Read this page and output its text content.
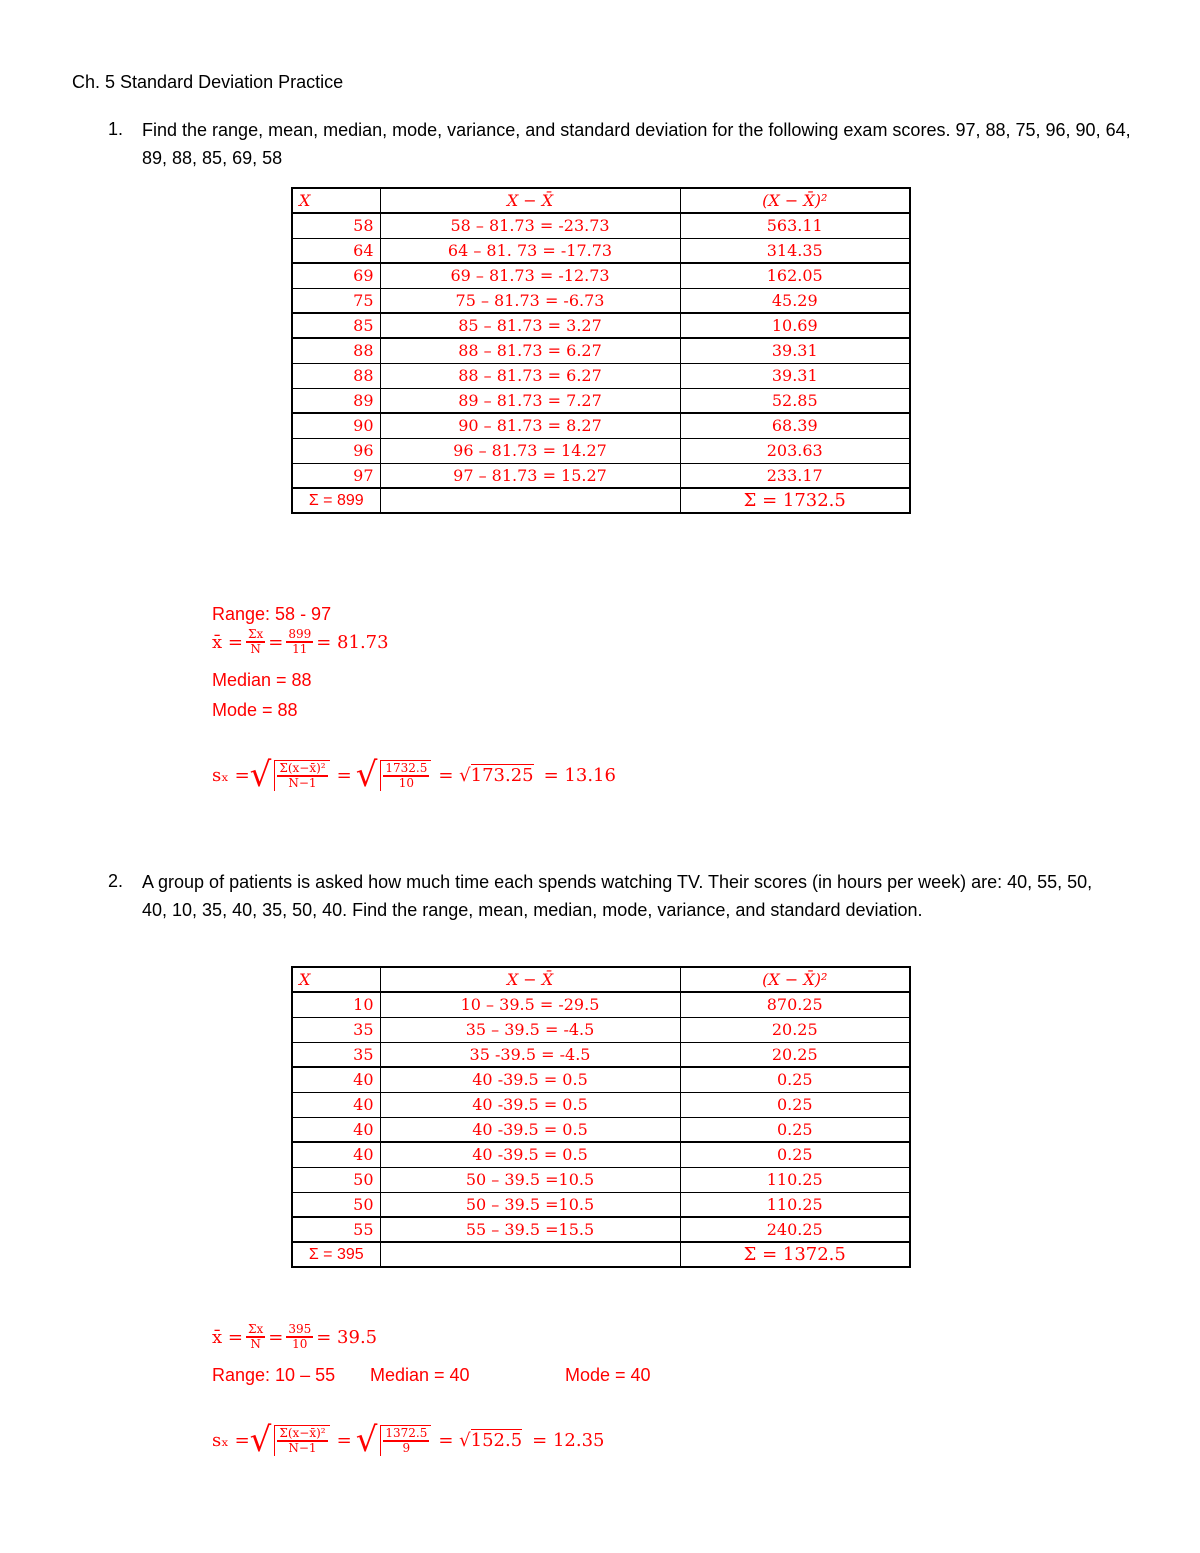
Ch. 5 Standard Deviation Practice
1. Find the range, mean, median, mode, variance, and standard deviation for the following exam scores. 97, 88, 75, 96, 90, 64, 89, 88, 85, 69, 58
X	X − X̄	(X − X̄)²
58	58 – 81.73 = -23.73	563.11
64	64 – 81. 73 = -17.73	314.35
69	69 – 81.73 = -12.73	162.05
75	75 – 81.73 = -6.73	45.29
85	85 – 81.73 = 3.27	10.69
88	88 – 81.73 = 6.27	39.31
88	88 – 81.73 = 6.27	39.31
89	89 – 81.73 = 7.27	52.85
90	90 – 81.73 = 8.27	68.39
96	96 – 81.73 = 14.27	203.63
97	97 – 81.73 = 15.27	233.17
Σ = 899		Σ = 1732.5
Range: 58 - 97
x̄ = $\frac{\Sigma x}{N} = \frac{899}{11} = 81.73$
Median = 88
Mode = 88
sₓ = √ $\frac{\text{Σ(x−x̄)²}}{N-1}$ = √ $\frac{1732.5}{10} = √173.25 = 13.16$
2. A group of patients is asked how much time each spends watching TV. Their scores (in hours per week) are: 40, 55, 50, 40, 10, 35, 40, 35, 50, 40. Find the range, mean, median, mode, variance, and standard deviation.
X	X − X̄	(X − X̄)²
10	10 – 39.5 = -29.5	870.25
35	35 – 39.5 = -4.5	20.25
35	35 -39.5 = -4.5	20.25
40	40 -39.5 = 0.5	0.25
40	40 -39.5 = 0.5	0.25
40	40 -39.5 = 0.5	0.25
40	40 -39.5 = 0.5	0.25
50	50 – 39.5 =10.5	110.25
50	50 – 39.5 =10.5	110.25
55	55 – 39.5 =15.5	240.25
Σ = 395		Σ = 1372.5
x̄ = $\frac{\Sigma x}{N} = \frac{395}{10} = 39.5$
Range: 10 – 55 Median = 40	Mode = 40
sₓ = √ $\frac{\text{Σ(x−x̄)²}}{N-1}$ = √ $\frac{1372.5}{9} = √152.5 = 12.35$
